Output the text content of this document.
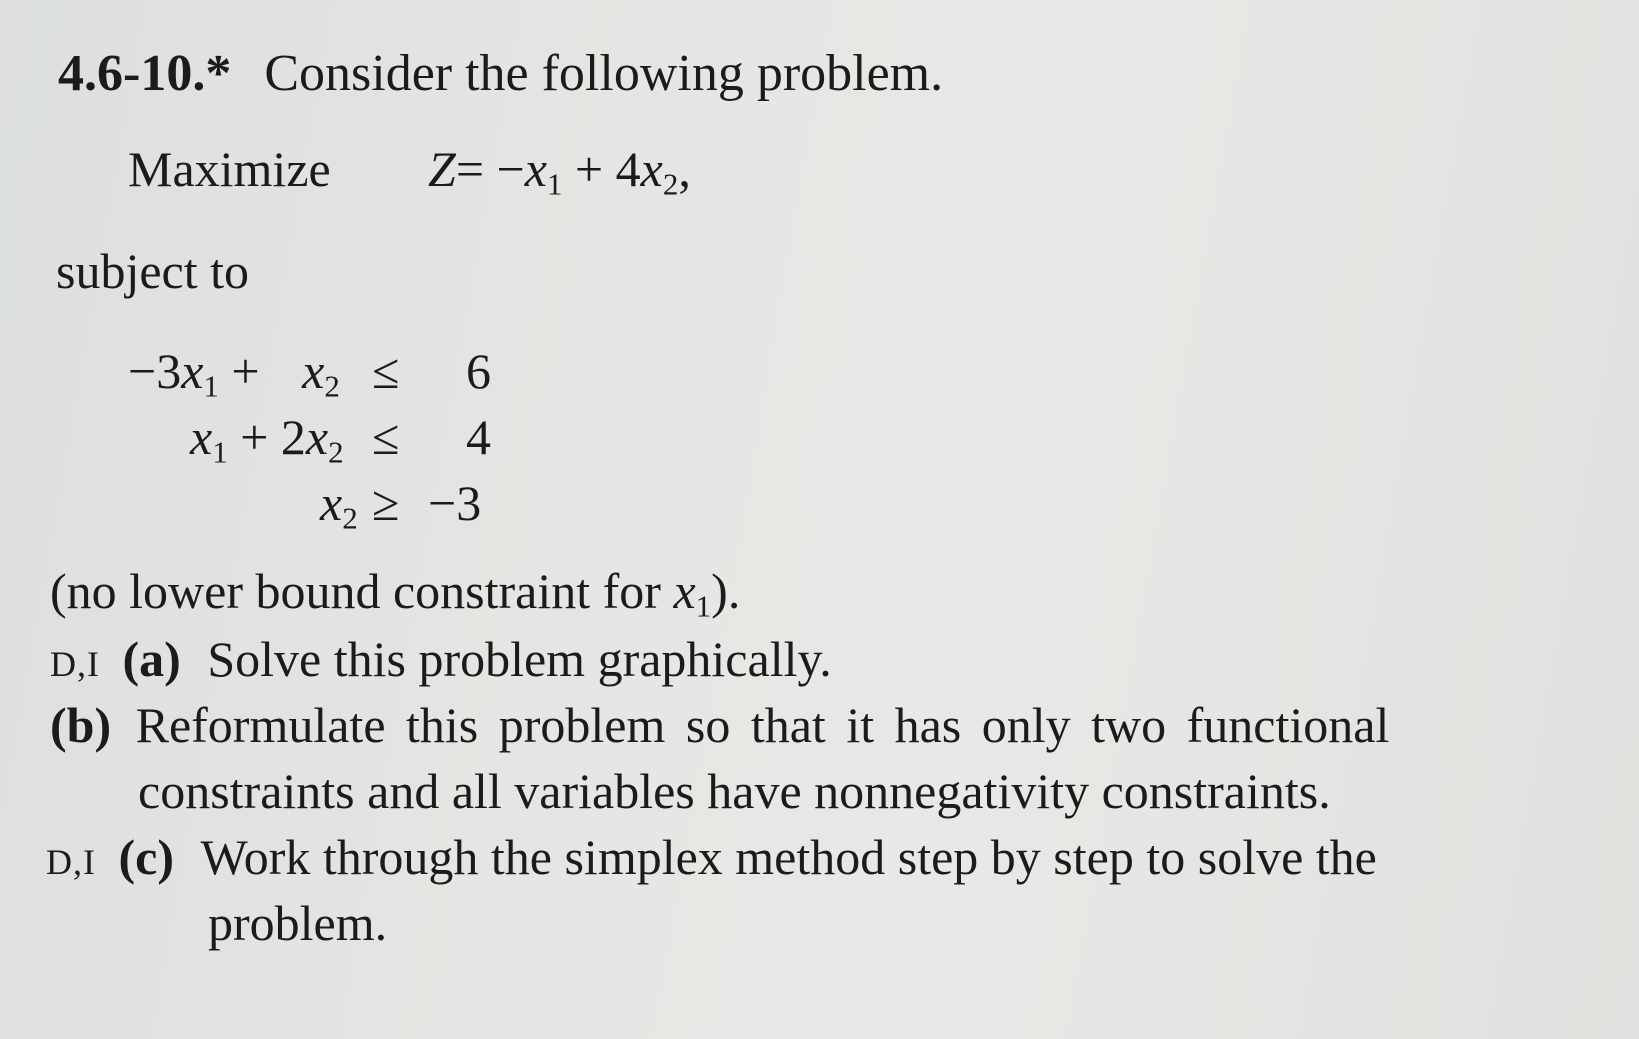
4.6-10.* Consider the following problem.
Maximize $Z= -x_1 + 4x_2$,
subject to
$-3x_1 + x_2 \le 6$
$x_1 + 2x_2 \le 4$
$x_2 \ge -3$
(no lower bound constraint for $x_1$).
D,I (a) Solve this problem graphically.
(b) Reformulate this problem so that it has only two functional
constraints and all variables have nonnegativity constraints.
D,I (c) Work through the simplex method step by step to solve the
problem.
